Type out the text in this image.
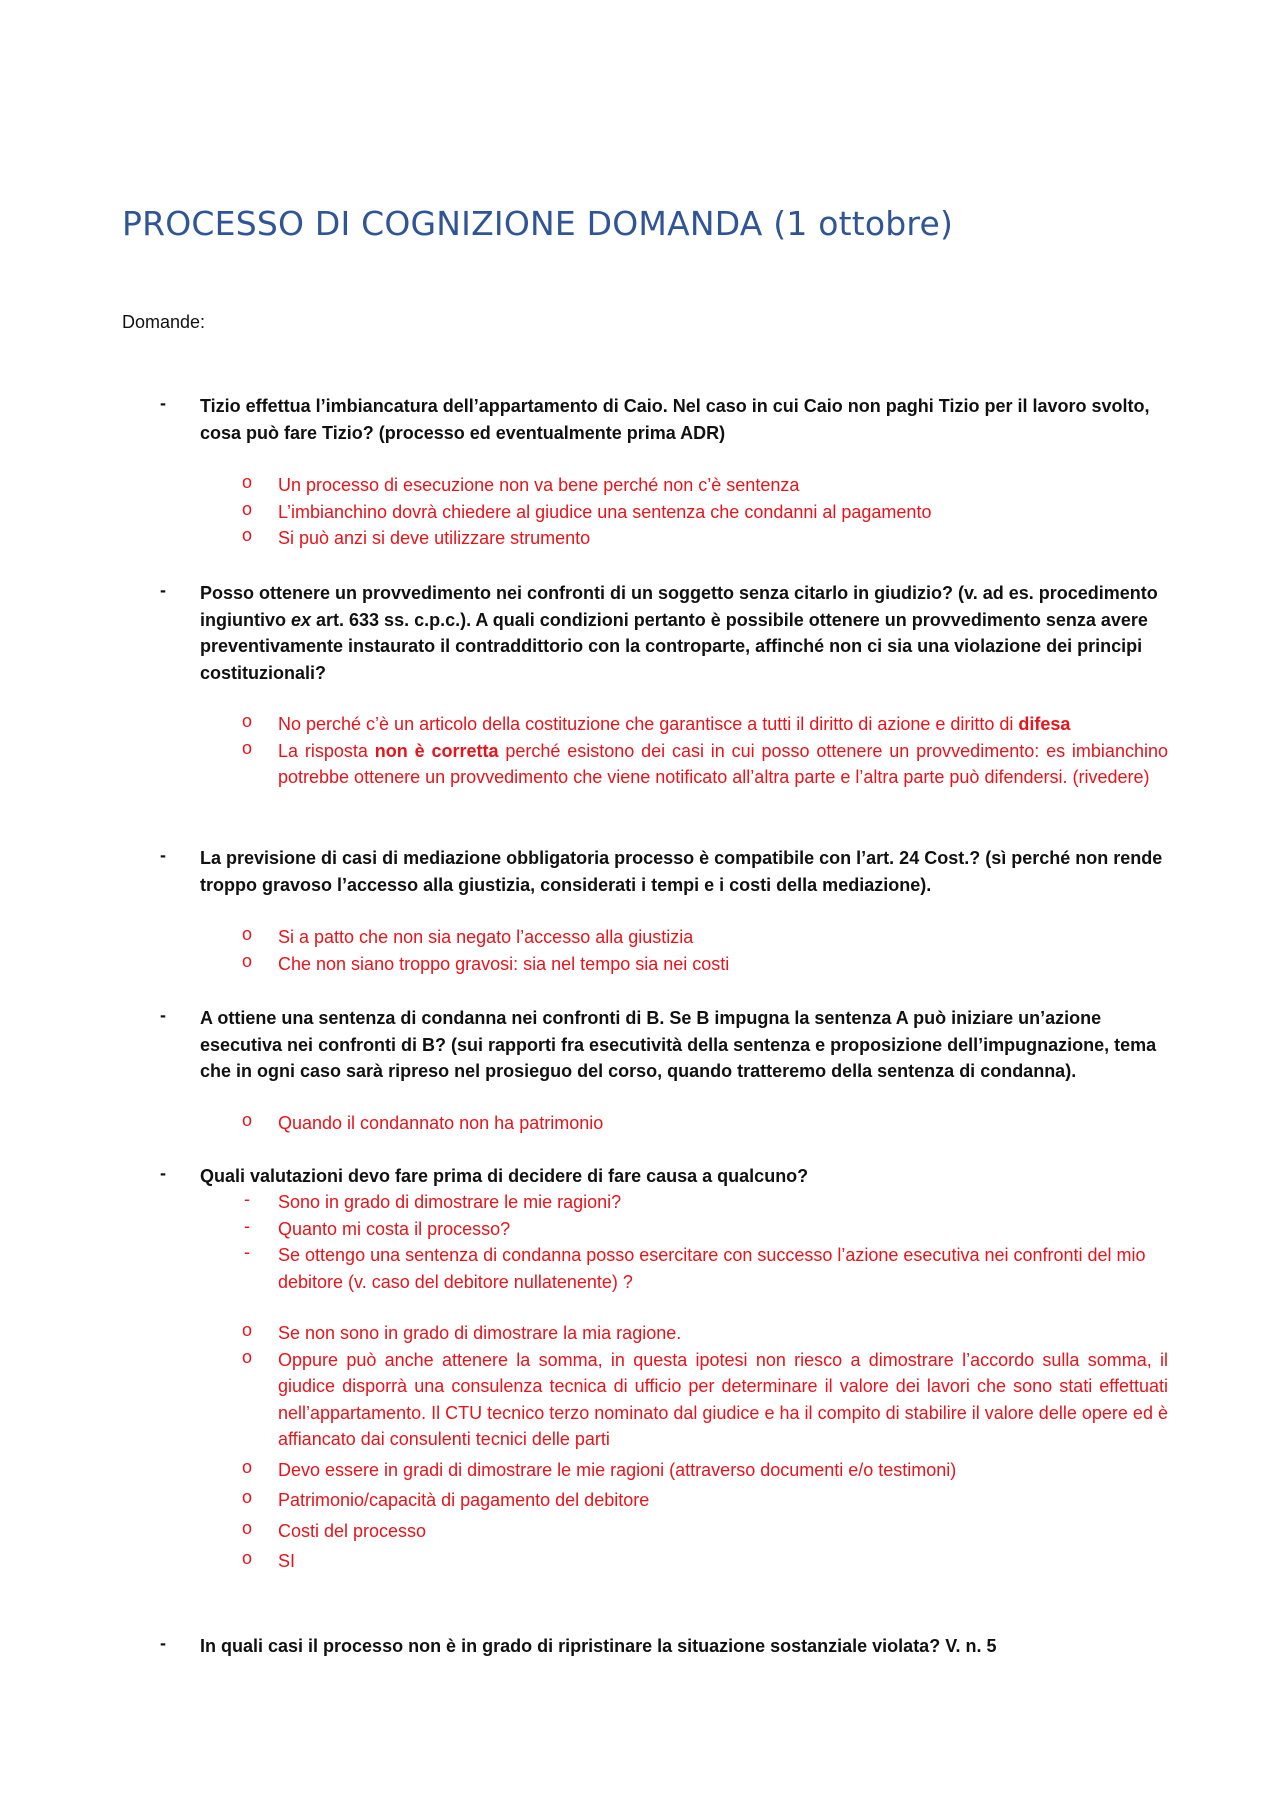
PROCESSO DI COGNIZIONE DOMANDA (1 ottobre)
Domande:
- Tizio effettua l’imbiancatura dell’appartamento di Caio. Nel caso in cui Caio non paghi Tizio per il lavoro svolto, cosa può fare Tizio? (processo ed eventualmente prima ADR)
o Un processo di esecuzione non va bene perché non c’è sentenza
o L’imbianchino dovrà chiedere al giudice una sentenza che condanni al pagamento
o Si può anzi si deve utilizzare strumento
- Posso ottenere un provvedimento nei confronti di un soggetto senza citarlo in giudizio? (v. ad es. procedimento ingiuntivo ex art. 633 ss. c.p.c.). A quali condizioni pertanto è possibile ottenere un provvedimento senza avere preventivamente instaurato il contraddittorio con la controparte, affinché non ci sia una violazione dei principi costituzionali?
o No perché c’è un articolo della costituzione che garantisce a tutti il diritto di azione e diritto di difesa
o La risposta non è corretta perché esistono dei casi in cui posso ottenere un provvedimento: es imbianchino potrebbe ottenere un provvedimento che viene notificato all’altra parte e l’altra parte può difendersi. (rivedere)
- La previsione di casi di mediazione obbligatoria processo è compatibile con l’art. 24 Cost.? (sì perché non rende troppo gravoso l’accesso alla giustizia, considerati i tempi e i costi della mediazione).
o Si a patto che non sia negato l’accesso alla giustizia
o Che non siano troppo gravosi: sia nel tempo sia nei costi
- A ottiene una sentenza di condanna nei confronti di B. Se B impugna la sentenza A può iniziare un’azione esecutiva nei confronti di B? (sui rapporti fra esecutività della sentenza e proposizione dell’impugnazione, tema che in ogni caso sarà ripreso nel prosieguo del corso, quando tratteremo della sentenza di condanna).
o Quando il condannato non ha patrimonio
- Quali valutazioni devo fare prima di decidere di fare causa a qualcuno?
- Sono in grado di dimostrare le mie ragioni?
- Quanto mi costa il processo?
- Se ottengo una sentenza di condanna posso esercitare con successo l’azione esecutiva nei confronti del mio debitore (v. caso del debitore nullatenente) ?
o Se non sono in grado di dimostrare la mia ragione.
o Oppure può anche attenere la somma, in questa ipotesi non riesco a dimostrare l’accordo sulla somma, il giudice disporrà una consulenza tecnica di ufficio per determinare il valore dei lavori che sono stati effettuati nell’appartamento. Il CTU tecnico terzo nominato dal giudice e ha il compito di stabilire il valore delle opere ed è affiancato dai consulenti tecnici delle parti
o Devo essere in gradi di dimostrare le mie ragioni (attraverso documenti e/o testimoni)
o Patrimonio/capacità di pagamento del debitore
o Costi del processo
o SI
- In quali casi il processo non è in grado di ripristinare la situazione sostanziale violata? V. n. 5
